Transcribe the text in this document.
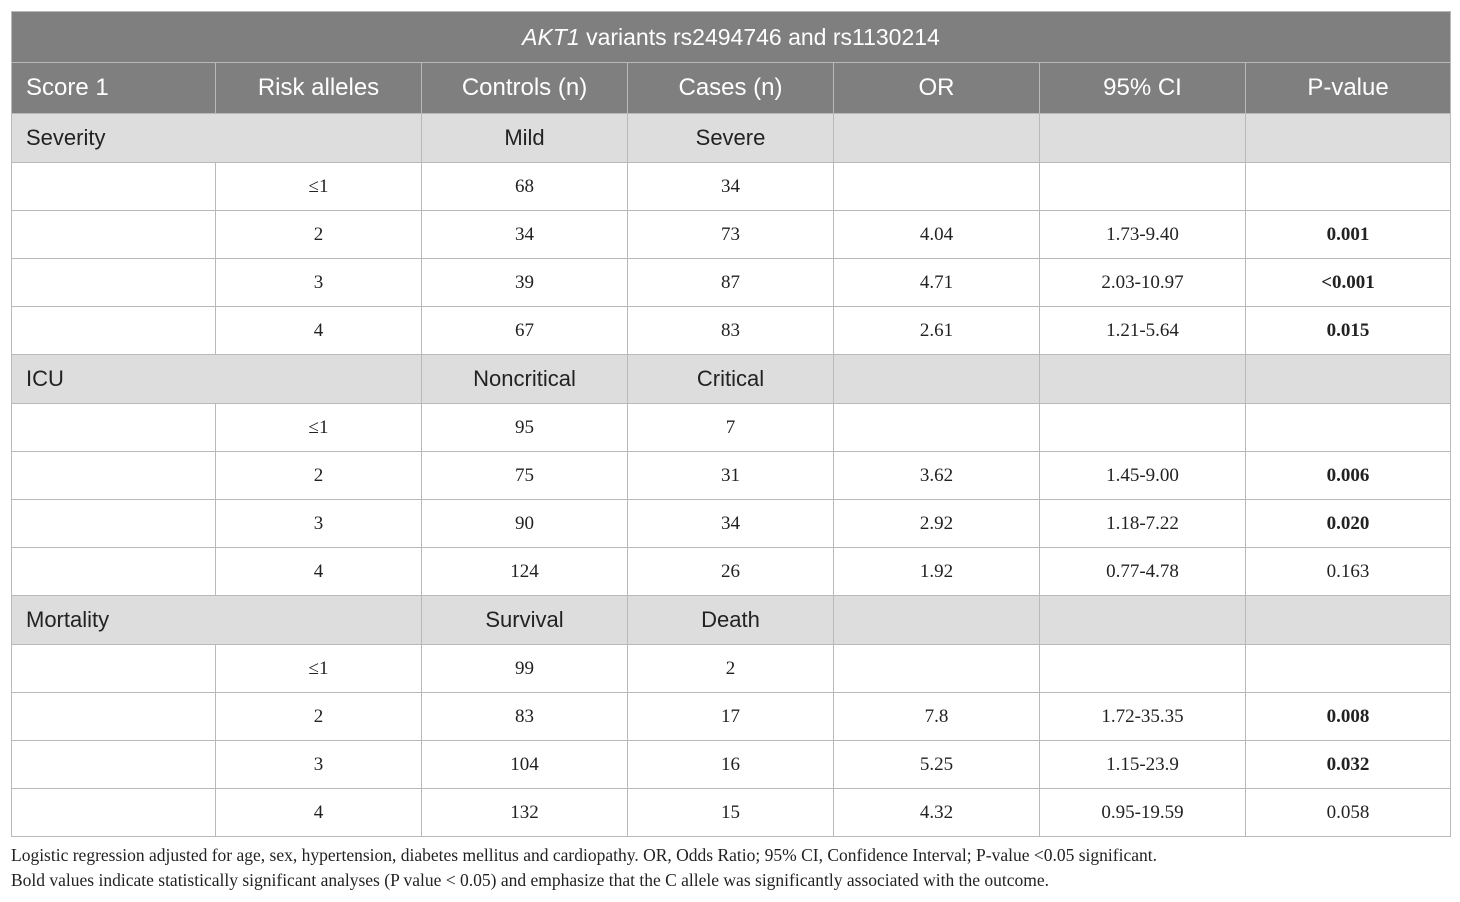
AKT1 variants rs2494746 and rs1130214						
Score 1	Risk alleles	Controls (n)	Cases (n)	OR	95% CI	P-value
Severity		Mild	Severe			
	≤1	68	34			
	2	34	73	4.04	1.73-9.40	0.001
	3	39	87	4.71	2.03-10.97	<0.001
	4	67	83	2.61	1.21-5.64	0.015
ICU		Noncritical	Critical			
	≤1	95	7			
	2	75	31	3.62	1.45-9.00	0.006
	3	90	34	2.92	1.18-7.22	0.020
	4	124	26	1.92	0.77-4.78	0.163
Mortality		Survival	Death			
	≤1	99	2			
	2	83	17	7.8	1.72-35.35	0.008
	3	104	16	5.25	1.15-23.9	0.032
	4	132	15	4.32	0.95-19.59	0.058
Logistic regression adjusted for age, sex, hypertension, diabetes mellitus and cardiopathy. OR, Odds Ratio; 95% CI, Confidence Interval; P-value <0.05 significant.
Bold values indicate statistically significant analyses (P value < 0.05) and emphasize that the C allele was significantly associated with the outcome.
